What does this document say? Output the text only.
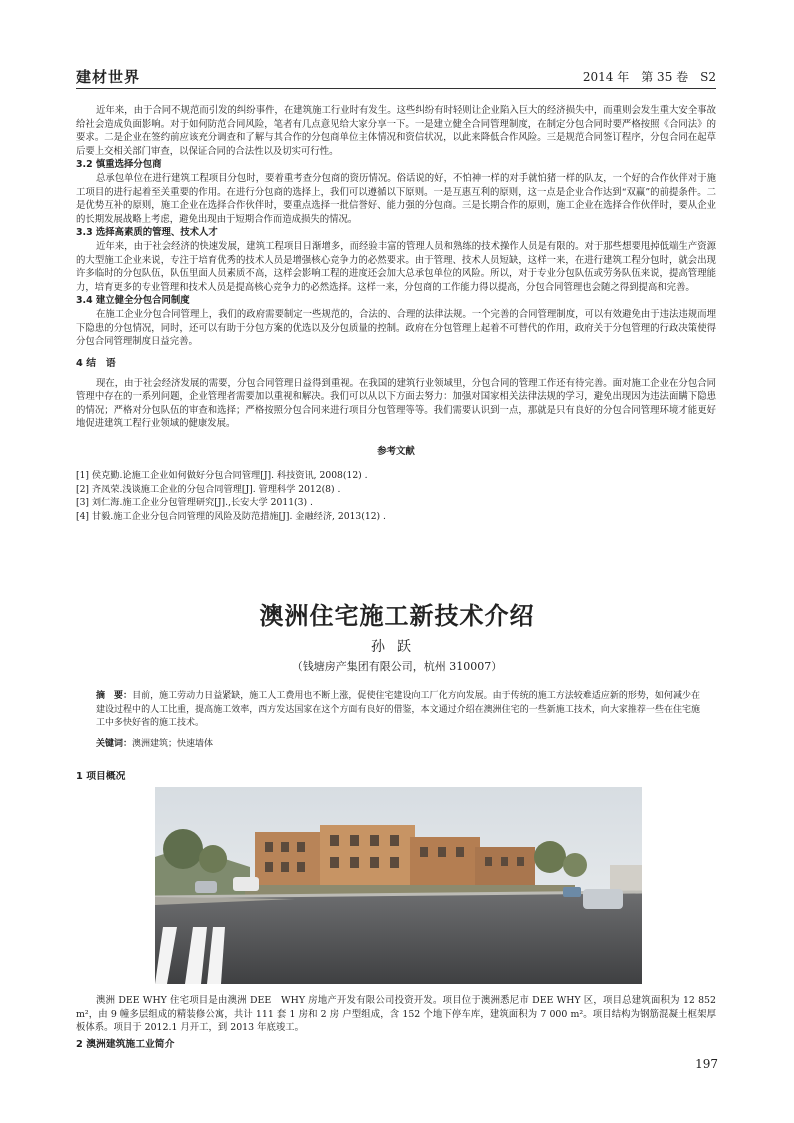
建材世界	2014 年　第 35 卷　S2

近年来，由于合同不规范而引发的纠纷事件，在建筑施工行业时有发生。这些纠纷有时轻则让企业陷入巨大的经济损失中，而重则会发生重大安全事故给社会造成负面影响。对于如何防范合同风险，笔者有几点意见给大家分享一下。一是建立健全合同管理制度，在制定分包合同时要严格按照《合同法》的要求。二是企业在签约前应该充分调查和了解与其合作的分包商单位主体情况和资信状况，以此来降低合作风险。三是规范合同签订程序，分包合同在起草后要上交相关部门审查，以保证合同的合法性以及切实可行性。

3.2 慎重选择分包商

总承包单位在进行建筑工程项目分包时，要着重考查分包商的资历情况。俗话说的好，不怕神一样的对手就怕猪一样的队友，一个好的合作伙伴对于施工项目的进行起着至关重要的作用。在进行分包商的选择上，我们可以遵循以下原则。一是互惠互利的原则，这一点是企业合作达到“双赢”的前提条件。二是优势互补的原则，施工企业在选择合作伙伴时，要重点选择一批信誉好、能力强的分包商。三是长期合作的原则，施工企业在选择合作伙伴时，要从企业的长期发展战略上考虑，避免出现由于短期合作而造成损失的情况。

3.3 选择高素质的管理、技术人才

近年来，由于社会经济的快速发展，建筑工程项目日渐增多，而经验丰富的管理人员和熟练的技术操作人员是有限的。对于那些想要甩掉低端生产资源的大型施工企业来说，专注于培育优秀的技术人员是增强核心竞争力的必然要求。由于管理、技术人员短缺，这样一来，在进行建筑工程分包时，就会出现许多临时的分包队伍，队伍里面人员素质不高，这样会影响工程的进度还会加大总承包单位的风险。所以，对于专业分包队伍或劳务队伍来说，提高管理能力，培育更多的专业管理和技术人员是提高核心竞争力的必然选择。这样一来，分包商的工作能力得以提高，分包合同管理也会随之得到提高和完善。

3.4 建立健全分包合同制度

在施工企业分包合同管理上，我们的政府需要制定一些规范的，合法的、合理的法律法规。一个完善的合同管理制度，可以有效避免由于违法违规而埋下隐患的分包情况，同时，还可以有助于分包方案的优选以及分包质量的控制。政府在分包管理上起着不可替代的作用，政府关于分包管理的行政决策使得分包合同管理制度日益完善。

4 结　语

现在，由于社会经济发展的需要，分包合同管理日益得到重视。在我国的建筑行业领域里，分包合同的管理工作还有待完善。面对施工企业在分包合同管理中存在的一系列问题，企业管理者需要加以重视和解决。我们可以从以下方面去努力：加强对国家相关法律法规的学习，避免出现因为违法面瞒下隐患的情况；严格对分包队伍的审查和选择；严格按照分包合同来进行项目分包管理等等。我们需要认识到一点，那就是只有良好的分包合同管理环境才能更好地促进建筑工程行业领域的健康发展。

参考文献
[1] 侯克勤.论施工企业如何做好分包合同管理[J]. 科技资讯, 2008(12) .
[2] 齐凤荣.浅谈施工企业的分包合同管理[J]. 管理科学 2012(8) .
[3] 刘仁海.施工企业分包管理研究[J].,长安大学 2011(3) .
[4] 甘毅.施工企业分包合同管理的风险及防范措施[J]. 金融经济, 2013(12) .
澳洲住宅施工新技术介绍
孙跃
（钱塘房产集团有限公司，杭州 310007）
摘　要：目前，施工劳动力日益紧缺，施工人工费用也不断上涨，促使住宅建设向工厂化方向发展。由于传统的施工方法较难适应新的形势，如何减少在建设过程中的人工比重，提高施工效率，西方发达国家在这个方面有良好的借鉴，本文通过介绍在澳洲住宅的一些新施工技术，向大家推荐一些在住宅施工中多快好省的施工技术。
关键词：澳洲建筑；快速墙体
1 项目概况

澳洲 DEE WHY 住宅项目是由澳洲 DEE　WHY 房地产开发有限公司投资开发。项目位于澳洲悉尼市 DEE WHY 区，项目总建筑面积为 12 852 m²，由 9 幢多层组成的精装修公寓，共计 111 套 1 房和 2 房 户型组成，含 152 个地下停车库，建筑面积为 7 000 m²。项目结构为钢筋混凝土框架厚板体系。项目于 2012.1 月开工，到 2013 年底竣工。

2 澳洲建筑施工业简介
197
